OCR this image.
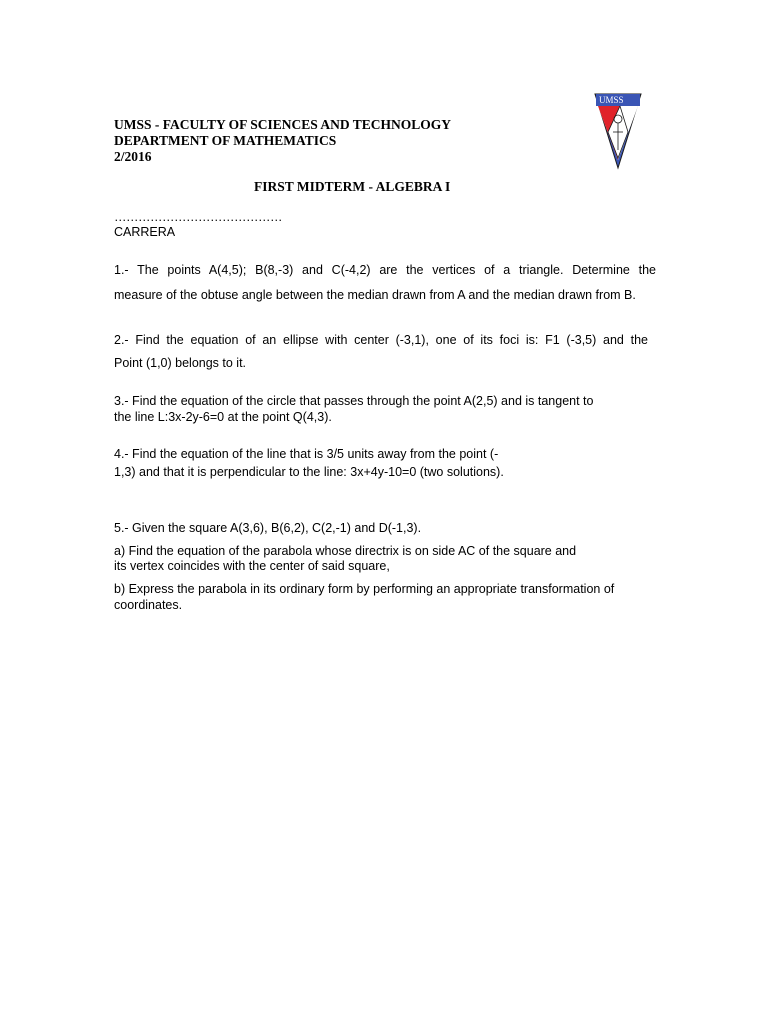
UMSS - FACULTY OF SCIENCES AND TECHNOLOGY
DEPARTMENT OF MATHEMATICS
2/2016
UMSS
FIRST MIDTERM - ALGEBRA I
……………………………………
CARRERA
1.- The points A(4,5); B(8,-3) and C(-4,2) are the vertices of a triangle. Determine the
measure of the obtuse angle between the median drawn from A and the median drawn from B.
2.- Find the equation of an ellipse with center (-3,1), one of its foci is: F1 (-3,5) and the
Point (1,0) belongs to it.
3.- Find the equation of the circle that passes through the point A(2,5) and is tangent to
the line L:3x-2y-6=0 at the point Q(4,3).
4.- Find the equation of the line that is 3/5 units away from the point (-
1,3) and that it is perpendicular to the line: 3x+4y-10=0 (two solutions).
5.- Given the square A(3,6), B(6,2), C(2,-1) and D(-1,3).
a) Find the equation of the parabola whose directrix is on side AC of the square and
its vertex coincides with the center of said square,
b) Express the parabola in its ordinary form by performing an appropriate transformation of
coordinates.
